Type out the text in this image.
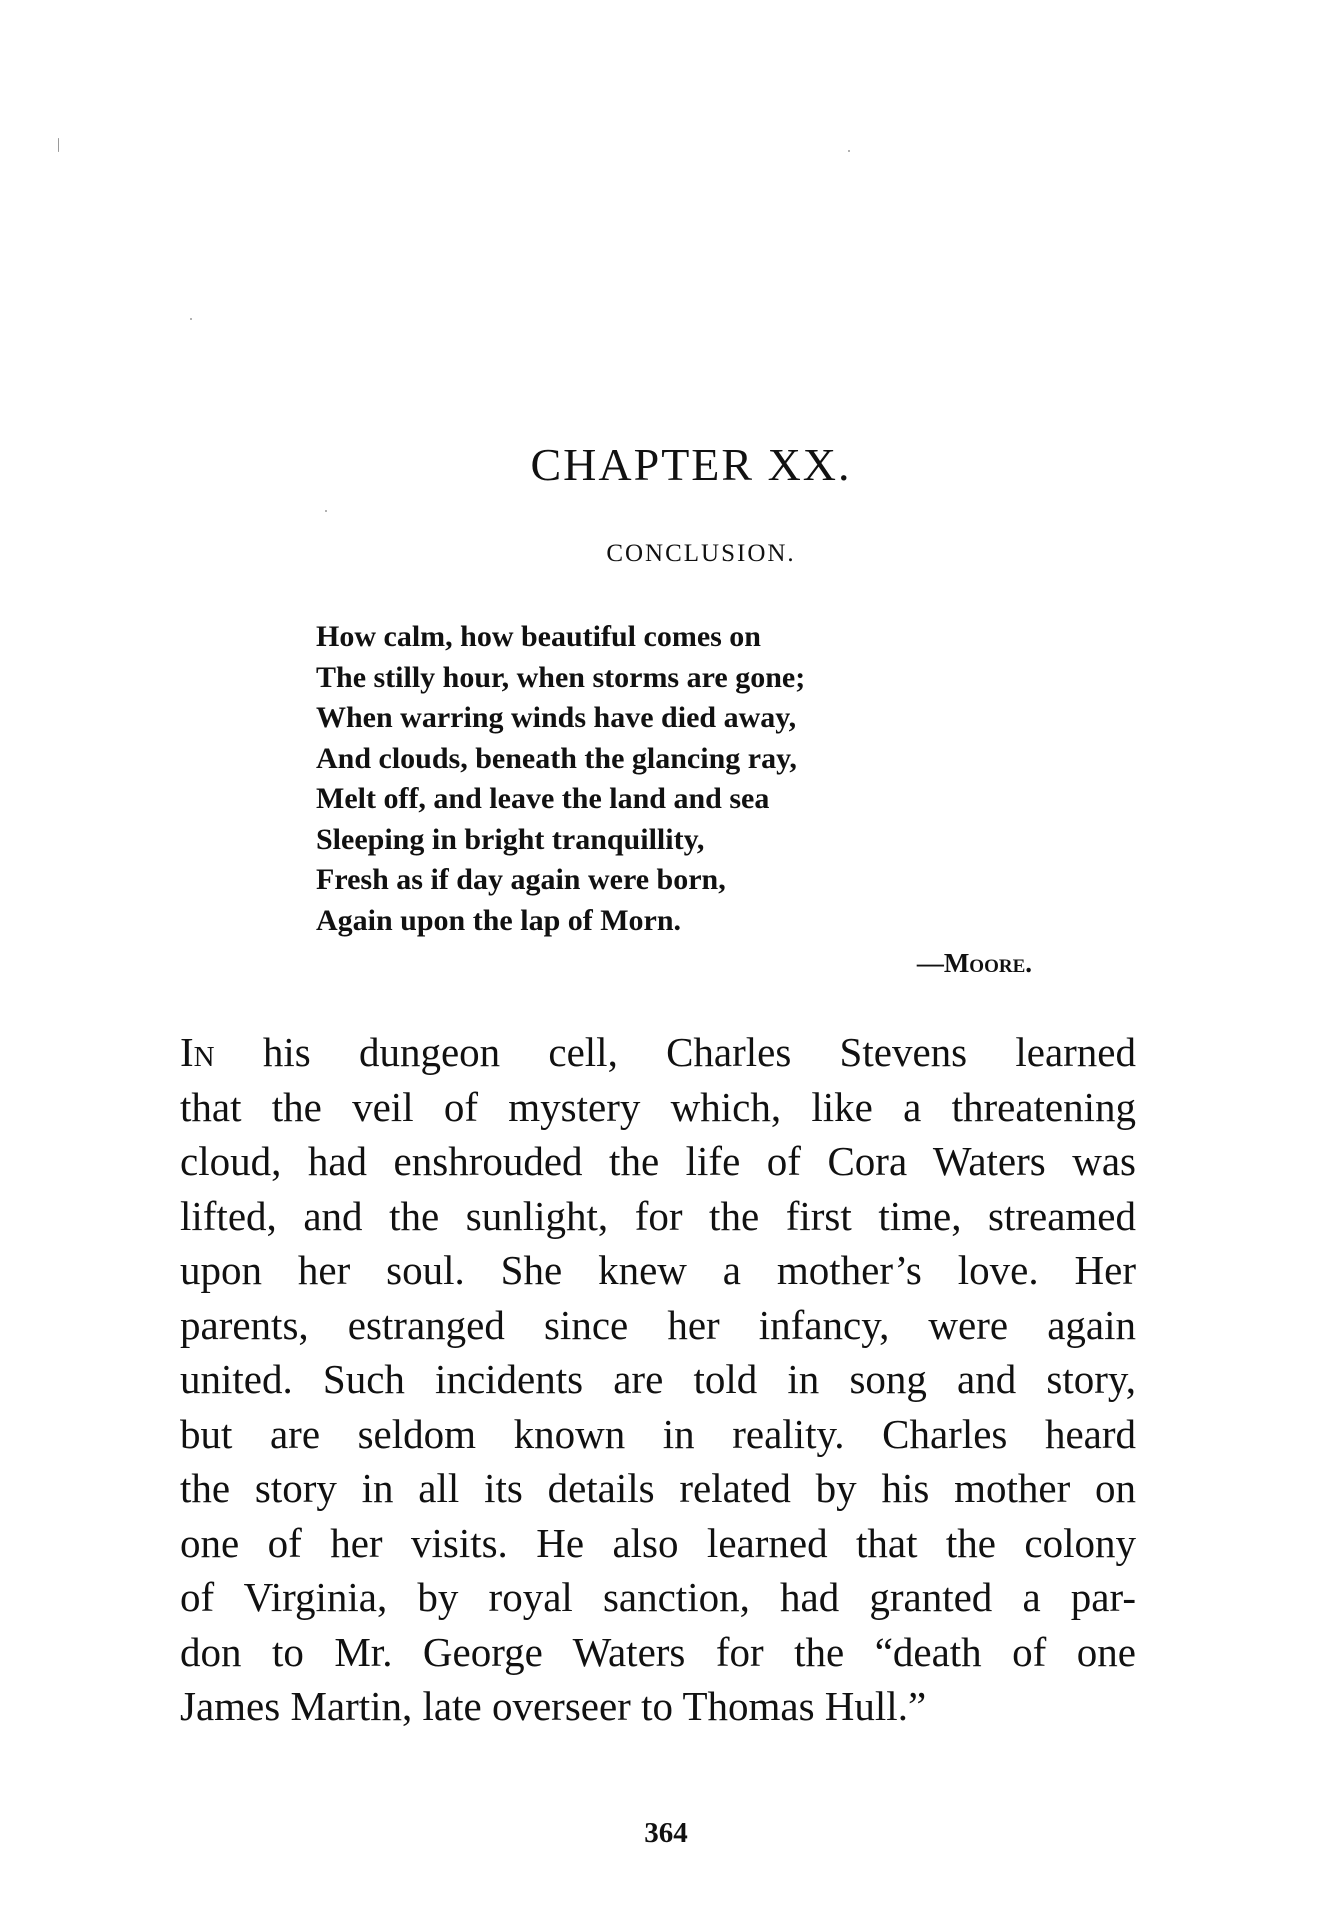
CHAPTER XX.
CONCLUSION.
How calm, how beautiful comes on
The stilly hour, when storms are gone;
When warring winds have died away,
And clouds, beneath the glancing ray,
Melt off, and leave the land and sea
Sleeping in bright tranquillity,
Fresh as if day again were born,
Again upon the lap of Morn.
—Moore.
In his dungeon cell, Charles Stevens learned
that the veil of mystery which, like a threatening
cloud, had enshrouded the life of Cora Waters was
lifted, and the sunlight, for the first time, streamed
upon her soul. She knew a mother’s love. Her
parents, estranged since her infancy, were again
united. Such incidents are told in song and story,
but are seldom known in reality. Charles heard
the story in all its details related by his mother on
one of her visits. He also learned that the colony
of Virginia, by royal sanction, had granted a par-
don to Mr. George Waters for the “death of one
James Martin, late overseer to Thomas Hull.”
364
